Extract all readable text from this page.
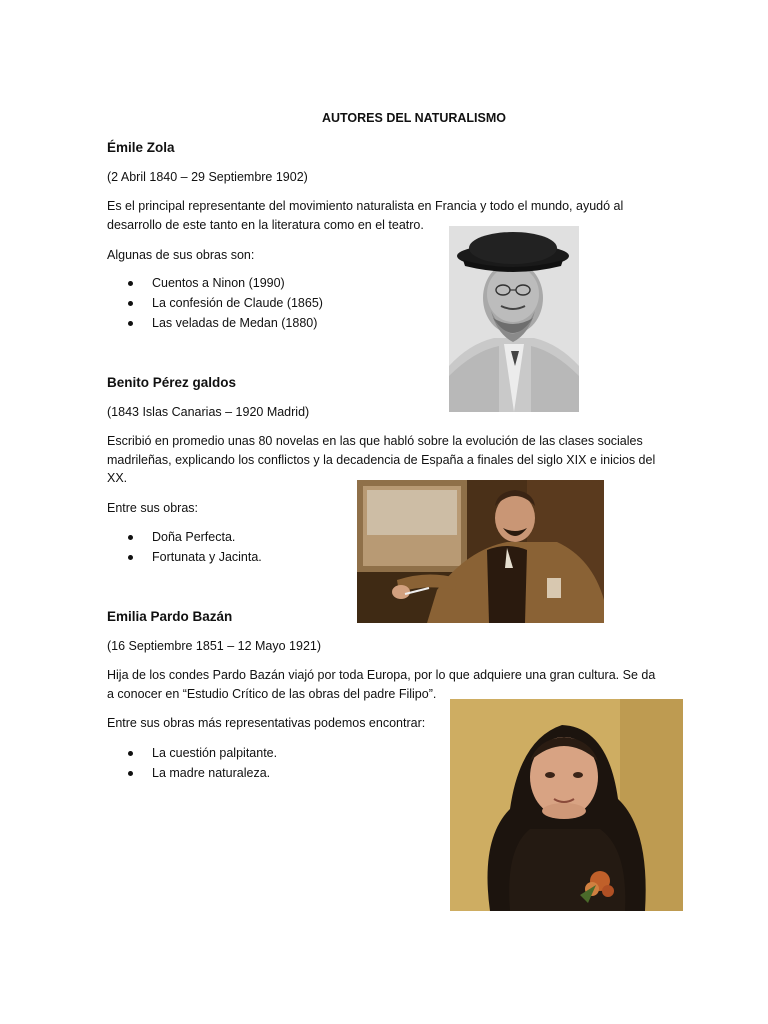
AUTORES DEL NATURALISMO
Émile Zola
(2 Abril 1840 – 29 Septiembre 1902)
Es el principal representante del movimiento naturalista en Francia y todo el mundo, ayudó al
desarrollo de este tanto en la literatura como en el teatro.
Algunas de sus obras son:
Cuentos a Ninon (1990)
La confesión de Claude (1865)
Las veladas de Medan (1880)
Benito Pérez galdos
(1843 Islas Canarias – 1920 Madrid)
Escribió en promedio unas 80 novelas en las que habló sobre la evolución de las clases sociales
madrileñas, explicando los conflictos y la decadencia de España a finales del siglo XIX e inicios del
XX.
Entre sus obras:
Doña Perfecta.
Fortunata y Jacinta.
Emilia Pardo Bazán
(16 Septiembre 1851 – 12 Mayo 1921)
Hija de los condes Pardo Bazán viajó por toda Europa, por lo que adquiere una gran cultura. Se da
a conocer en “Estudio Crítico de las obras del padre Filipo”.
Entre sus obras más representativas podemos encontrar:
La cuestión palpitante.
La madre naturaleza.
